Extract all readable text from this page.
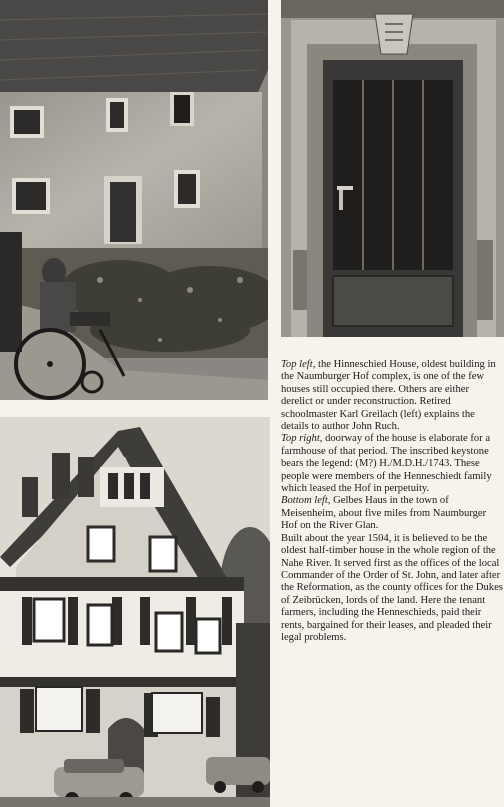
Top left, the Hinneschied House, oldest building in the Naumburger Hof complex, is one of the few houses still occupied there. Others are either derelict or under reconstruction. Retired schoolmaster Karl Greilach (left) explains the details to author John Ruch.

Top right, doorway of the house is elaborate for a farmhouse of that period. The inscribed keystone bears the legend: (M?) H./M.D.H./1743. These people were members of the Henneschiedt family which leased the Hof in perpetuity.

Bottom left, Gelbes Haus in the town of Meisenheim, about five miles from Naumburger Hof on the River Glan.

Built about the year 1504, it is believed to be the oldest half-timber house in the whole region of the Nahe River. It served first as the offices of the local Commander of the Order of St. John, and later after the Reformation, as the county offices for the Dukes of Zeibrücken, lords of the land. Here the tenant farmers, including the Henneschieds, paid their rents, bargained for their leases, and pleaded their legal problems.
